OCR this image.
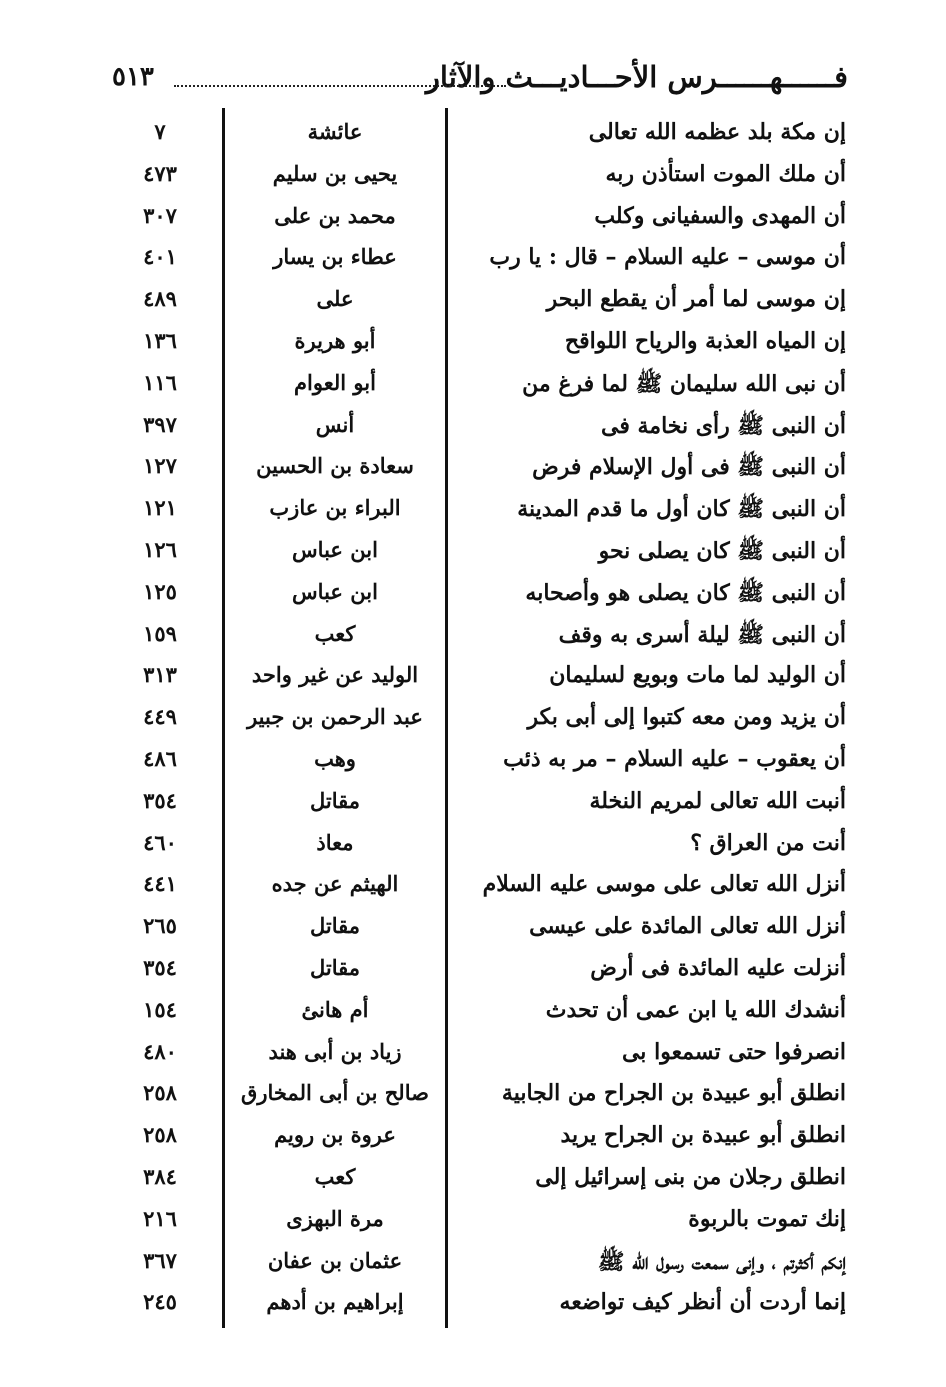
فــــــهــــــرس الأحـــاديـــث والآثار
٥١٣
إن مكة بلد عظمه الله تعالى
عائشة
٧
أن ملك الموت استأذن ربه
يحيى بن سليم
٤٧٣
أن المهدى والسفيانى وكلب
محمد بن على
٣٠٧
أن موسى – عليه السلام – قال : يا رب
عطاء بن يسار
٤٠١
إن موسى لما أمر أن يقطع البحر
على
٤٨٩
إن المياه العذبة والرياح اللواقح
أبو هريرة
١٣٦
أن نبى الله سليمان ﷺ لما فرغ من
أبو العوام
١١٦
أن النبى ﷺ رأى نخامة فى
أنس
٣٩٧
أن النبى ﷺ فى أول الإسلام فرض
سعادة بن الحسين
١٢٧
أن النبى ﷺ كان أول ما قدم المدينة
البراء بن عازب
١٢١
أن النبى ﷺ كان يصلى نحو
ابن عباس
١٢٦
أن النبى ﷺ كان يصلى هو وأصحابه
ابن عباس
١٢٥
أن النبى ﷺ ليلة أسرى به وقف
كعب
١٥٩
أن الوليد لما مات وبويع لسليمان
الوليد عن غير واحد
٣١٣
أن يزيد ومن معه كتبوا إلى أبى بكر
عبد الرحمن بن جبير
٤٤٩
أن يعقوب – عليه السلام – مر به ذئب
وهب
٤٨٦
أنبت الله تعالى لمريم النخلة
مقاتل
٣٥٤
أنت من العراق ؟
معاذ
٤٦٠
أنزل الله تعالى على موسى عليه السلام
الهيثم عن جده
٤٤١
أنزل الله تعالى المائدة على عيسى
مقاتل
٢٦٥
أنزلت عليه المائدة فى أرض
مقاتل
٣٥٤
أنشدك الله يا ابن عمى أن تحدث
أم هانئ
١٥٤
انصرفوا حتى تسمعوا بى
زياد بن أبى هند
٤٨٠
انطلق أبو عبيدة بن الجراح من الجابية
صالح بن أبى المخارق
٢٥٨
انطلق أبو عبيدة بن الجراح يريد
عروة بن رويم
٢٥٨
انطلق رجلان من بنى إسرائيل إلى
كعب
٣٨٤
إنك تموت بالربوة
مرة البهزى
٢١٦
إنكم أكثرتم ، وإنى سمعت رسول الله ﷺ
عثمان بن عفان
٣٦٧
إنما أردت أن أنظر كيف تواضعه
إبراهيم بن أدهم
٢٤٥
